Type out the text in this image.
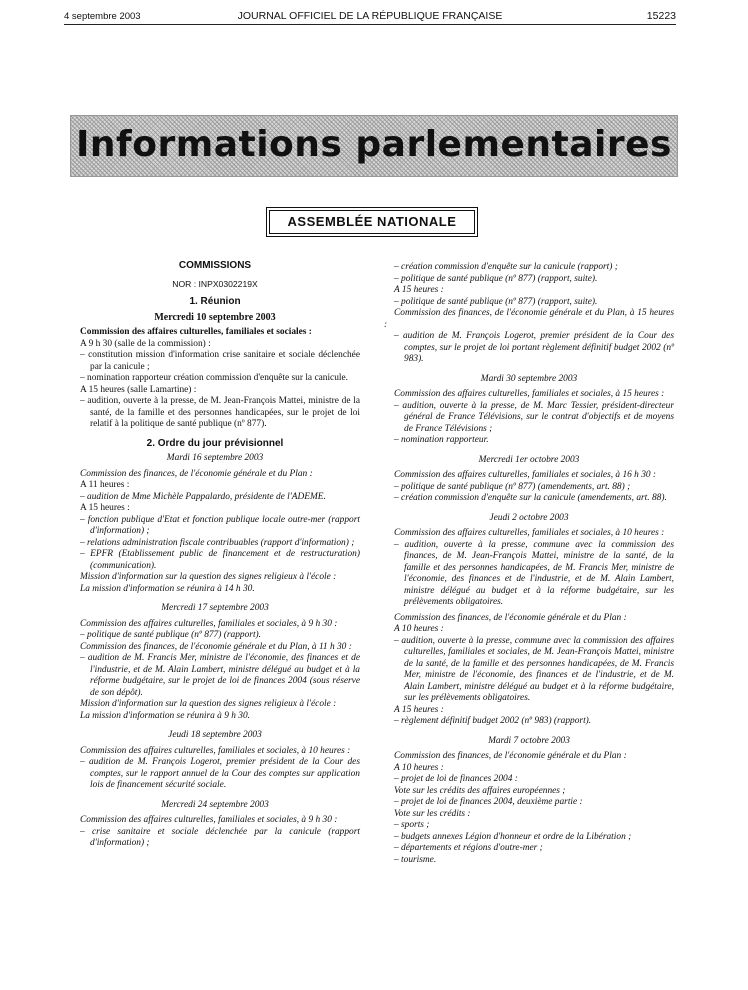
4 septembre 2003	JOURNAL OFFICIEL DE LA RÉPUBLIQUE FRANÇAISE	15223
Informations parlementaires
ASSEMBLÉE NATIONALE
COMMISSIONS
NOR : INPX0302219X
1. Réunion
Mercredi 10 septembre 2003

Commission des affaires culturelles, familiales et sociales :

A 9 h 30 (salle de la commission) :

– constitution mission d'information crise sanitaire et sociale déclenchée par la canicule ;

– nomination rapporteur création commission d'enquête sur la canicule.

A 15 heures (salle Lamartine) :

– audition, ouverte à la presse, de M. Jean-François Mattei, ministre de la santé, de la famille et des personnes handicapées, sur le projet de loi relatif à la politique de santé publique (nº 877).

2. Ordre du jour prévisionnel
Mardi 16 septembre 2003

Commission des finances, de l'économie générale et du Plan :

A 11 heures :

– audition de Mme Michèle Pappalardo, présidente de l'ADEME.

A 15 heures :

– fonction publique d'Etat et fonction publique locale outre-mer (rapport d'information) ;

– relations administration fiscale contribuables (rapport d'information) ;

– EPFR (Etablissement public de financement et de restructuration) (communication).

Mission d'information sur la question des signes religieux à l'école :

La mission d'information se réunira à 14 h 30.

Mercredi 17 septembre 2003

Commission des affaires culturelles, familiales et sociales, à 9 h 30 :

– politique de santé publique (nº 877) (rapport).

Commission des finances, de l'économie générale et du Plan, à 11 h 30 :

– audition de M. Francis Mer, ministre de l'économie, des finances et de l'industrie, et de M. Alain Lambert, ministre délégué au budget et à la réforme budgétaire, sur le projet de loi de finances 2004 (sous réserve de son dépôt).

Mission d'information sur la question des signes religieux à l'école :

La mission d'information se réunira à 9 h 30.

Jeudi 18 septembre 2003

Commission des affaires culturelles, familiales et sociales, à 10 heures :

– audition de M. François Logerot, premier président de la Cour des comptes, sur le rapport annuel de la Cour des comptes sur application lois de financement sécurité sociale.

Mercredi 24 septembre 2003

Commission des affaires culturelles, familiales et sociales, à 9 h 30 :

– crise sanitaire et sociale déclenchée par la canicule (rapport d'information) ;

– création commission d'enquête sur la canicule (rapport) ;

– politique de santé publique (nº 877) (rapport, suite).

A 15 heures :

– politique de santé publique (nº 877) (rapport, suite).

Commission des finances, de l'économie générale et du Plan, à 15 heures :

– audition de M. François Logerot, premier président de la Cour des comptes, sur le projet de loi portant règlement définitif budget 2002 (nº 983).

Mardi 30 septembre 2003

Commission des affaires culturelles, familiales et sociales, à 15 heures :

– audition, ouverte à la presse, de M. Marc Tessier, président-directeur général de France Télévisions, sur le contrat d'objectifs et de moyens de France Télévisions ;

– nomination rapporteur.

Mercredi 1er octobre 2003

Commission des affaires culturelles, familiales et sociales, à 16 h 30 :

– politique de santé publique (nº 877) (amendements, art. 88) ;

– création commission d'enquête sur la canicule (amendements, art. 88).

Jeudi 2 octobre 2003

Commission des affaires culturelles, familiales et sociales, à 10 heures :

– audition, ouverte à la presse, commune avec la commission des finances, de M. Jean-François Mattei, ministre de la santé, de la famille et des personnes handicapées, de M. Francis Mer, ministre de l'économie, des finances et de l'industrie, et de M. Alain Lambert, ministre délégué au budget et à la réforme budgétaire, sur les prélèvements obligatoires.

Commission des finances, de l'économie générale et du Plan :

A 10 heures :

– audition, ouverte à la presse, commune avec la commission des affaires culturelles, familiales et sociales, de M. Jean-François Mattei, ministre de la santé, de la famille et des personnes handicapées, de M. Francis Mer, ministre de l'économie, des finances et de l'industrie, et de M. Alain Lambert, ministre délégué au budget et à la réforme budgétaire, sur les prélèvements obligatoires.

A 15 heures :

– règlement définitif budget 2002 (nº 983) (rapport).

Mardi 7 octobre 2003

Commission des finances, de l'économie générale et du Plan :

A 10 heures :

– projet de loi de finances 2004 :

Vote sur les crédits des affaires européennes ;

– projet de loi de finances 2004, deuxième partie :

Vote sur les crédits :

– sports ;

– budgets annexes Légion d'honneur et ordre de la Libération ;

– départements et régions d'outre-mer ;

– tourisme.
